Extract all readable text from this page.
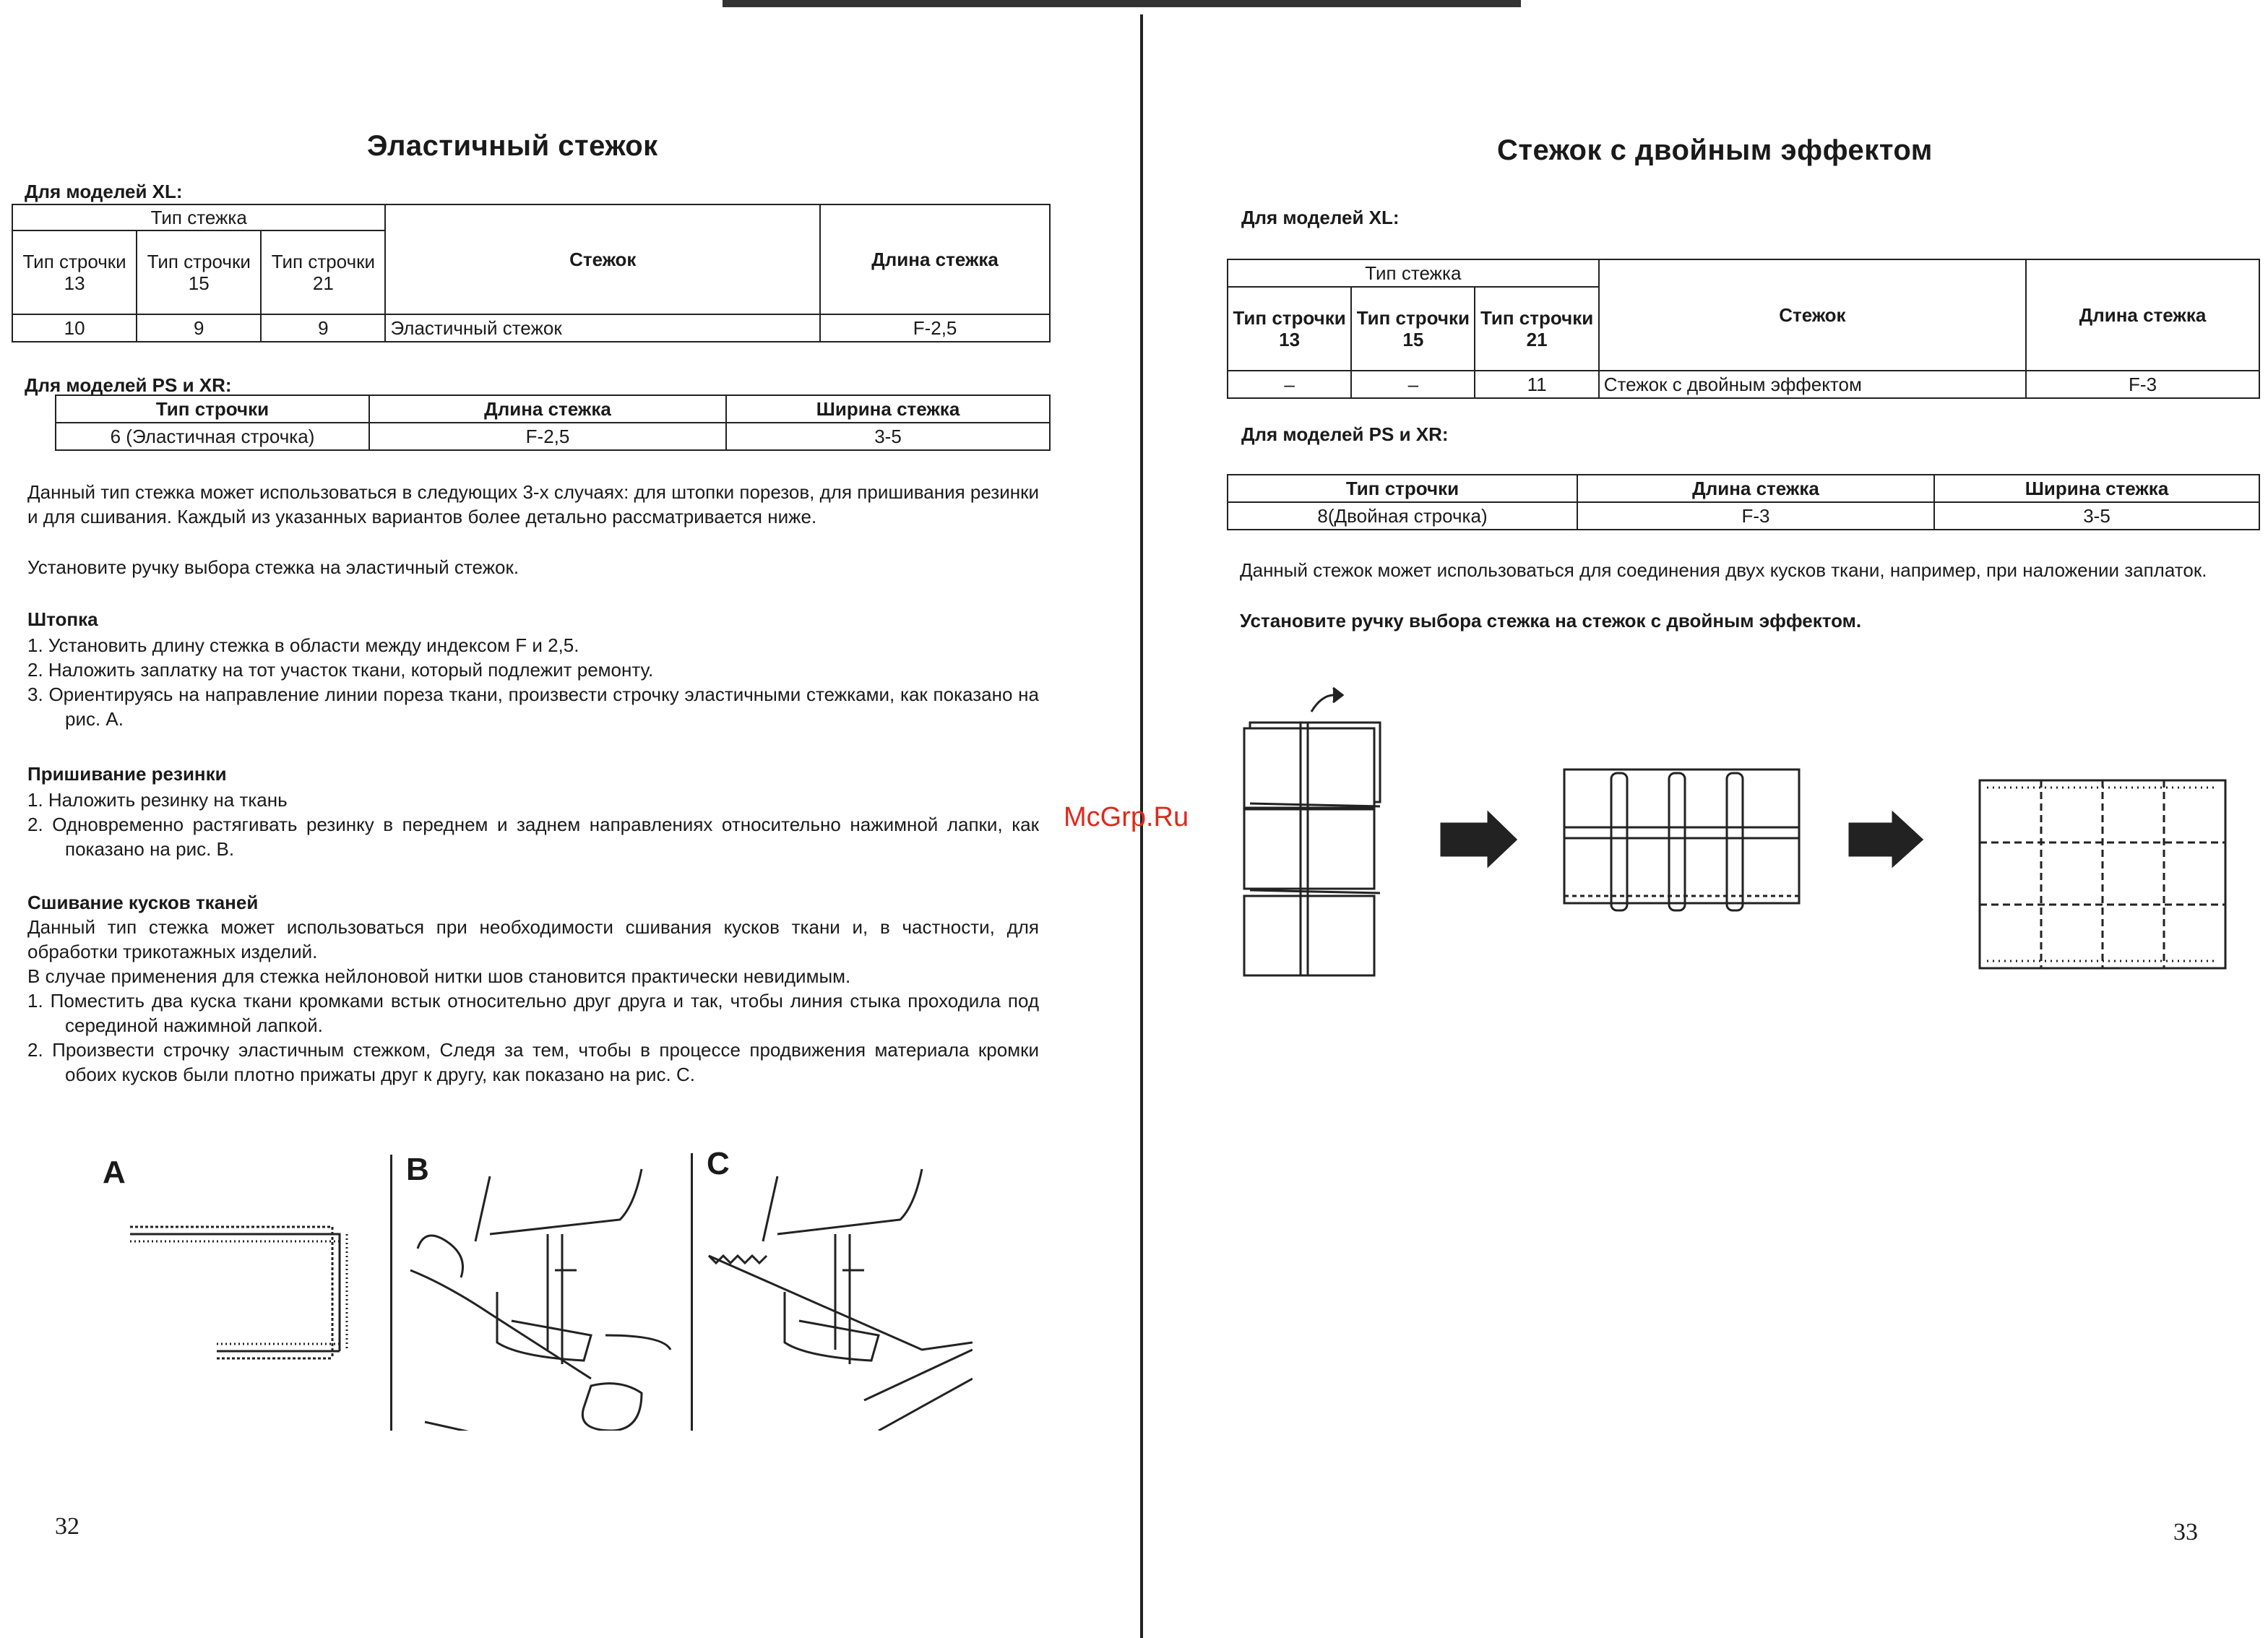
Эластичный стежок
Для моделей XL:
Тип стежка			Стежок	Длина стежка
Тип строчки 13	Тип строчки 15	Тип строчки 21		
10	9	9	Эластичный стежок	F-2,5
Для моделей PS и XR:
Тип строчки	Длина стежка	Ширина стежка
6 (Эластичная строчка)	F-2,5	3-5
Данный тип стежка может использоваться в следующих 3-х случаях: для штопки порезов, для пришивания резинки и для сшивания. Каждый из указанных вариантов более детально рассматривается ниже.
Установите ручку выбора стежка на эластичный стежок.
Штопка
1. Установить длину стежка в области между индексом F и 2,5.
2. Наложить заплатку на тот участок ткани, который подлежит ремонту.
3. Ориентируясь на направление линии пореза ткани, произвести строчку эластичными стежками, как показано на рис. А.
Пришивание резинки
1. Наложить резинку на ткань
2. Одновременно растягивать резинку в переднем и заднем направлениях относительно нажимной лапки, как показано на рис. В.
Сшивание кусков тканей
Данный тип стежка может использоваться при необходимости сшивания кусков ткани и, в частности, для обработки трикотажных изделий.
В случае применения для стежка нейлоновой нитки шов становится практически невидимым.
1. Поместить два куска ткани кромками встык относительно друг друга и так, чтобы линия стыка проходила под серединой нажимной лапкой.
2. Произвести строчку эластичным стежком, Следя за тем, чтобы в процессе продвижения материала кромки обоих кусков были плотно прижаты друг к другу, как показано на рис. С.
A	B	C
32
McGrp.Ru
Стежок с двойным эффектом
Для моделей XL:
Тип стежка			Стежок	Длина стежка
Тип строчки 13	Тип строчки 15	Тип строчки 21		
–	–	11	Стежок с двойным эффектом	F-3
Для моделей PS и XR:
Тип строчки	Длина стежка	Ширина стежка
8(Двойная строчка)	F-3	3-5
Данный стежок может использоваться для соединения двух кусков ткани, например, при наложении заплаток.
Установите ручку выбора стежка на стежок с двойным эффектом.
33
